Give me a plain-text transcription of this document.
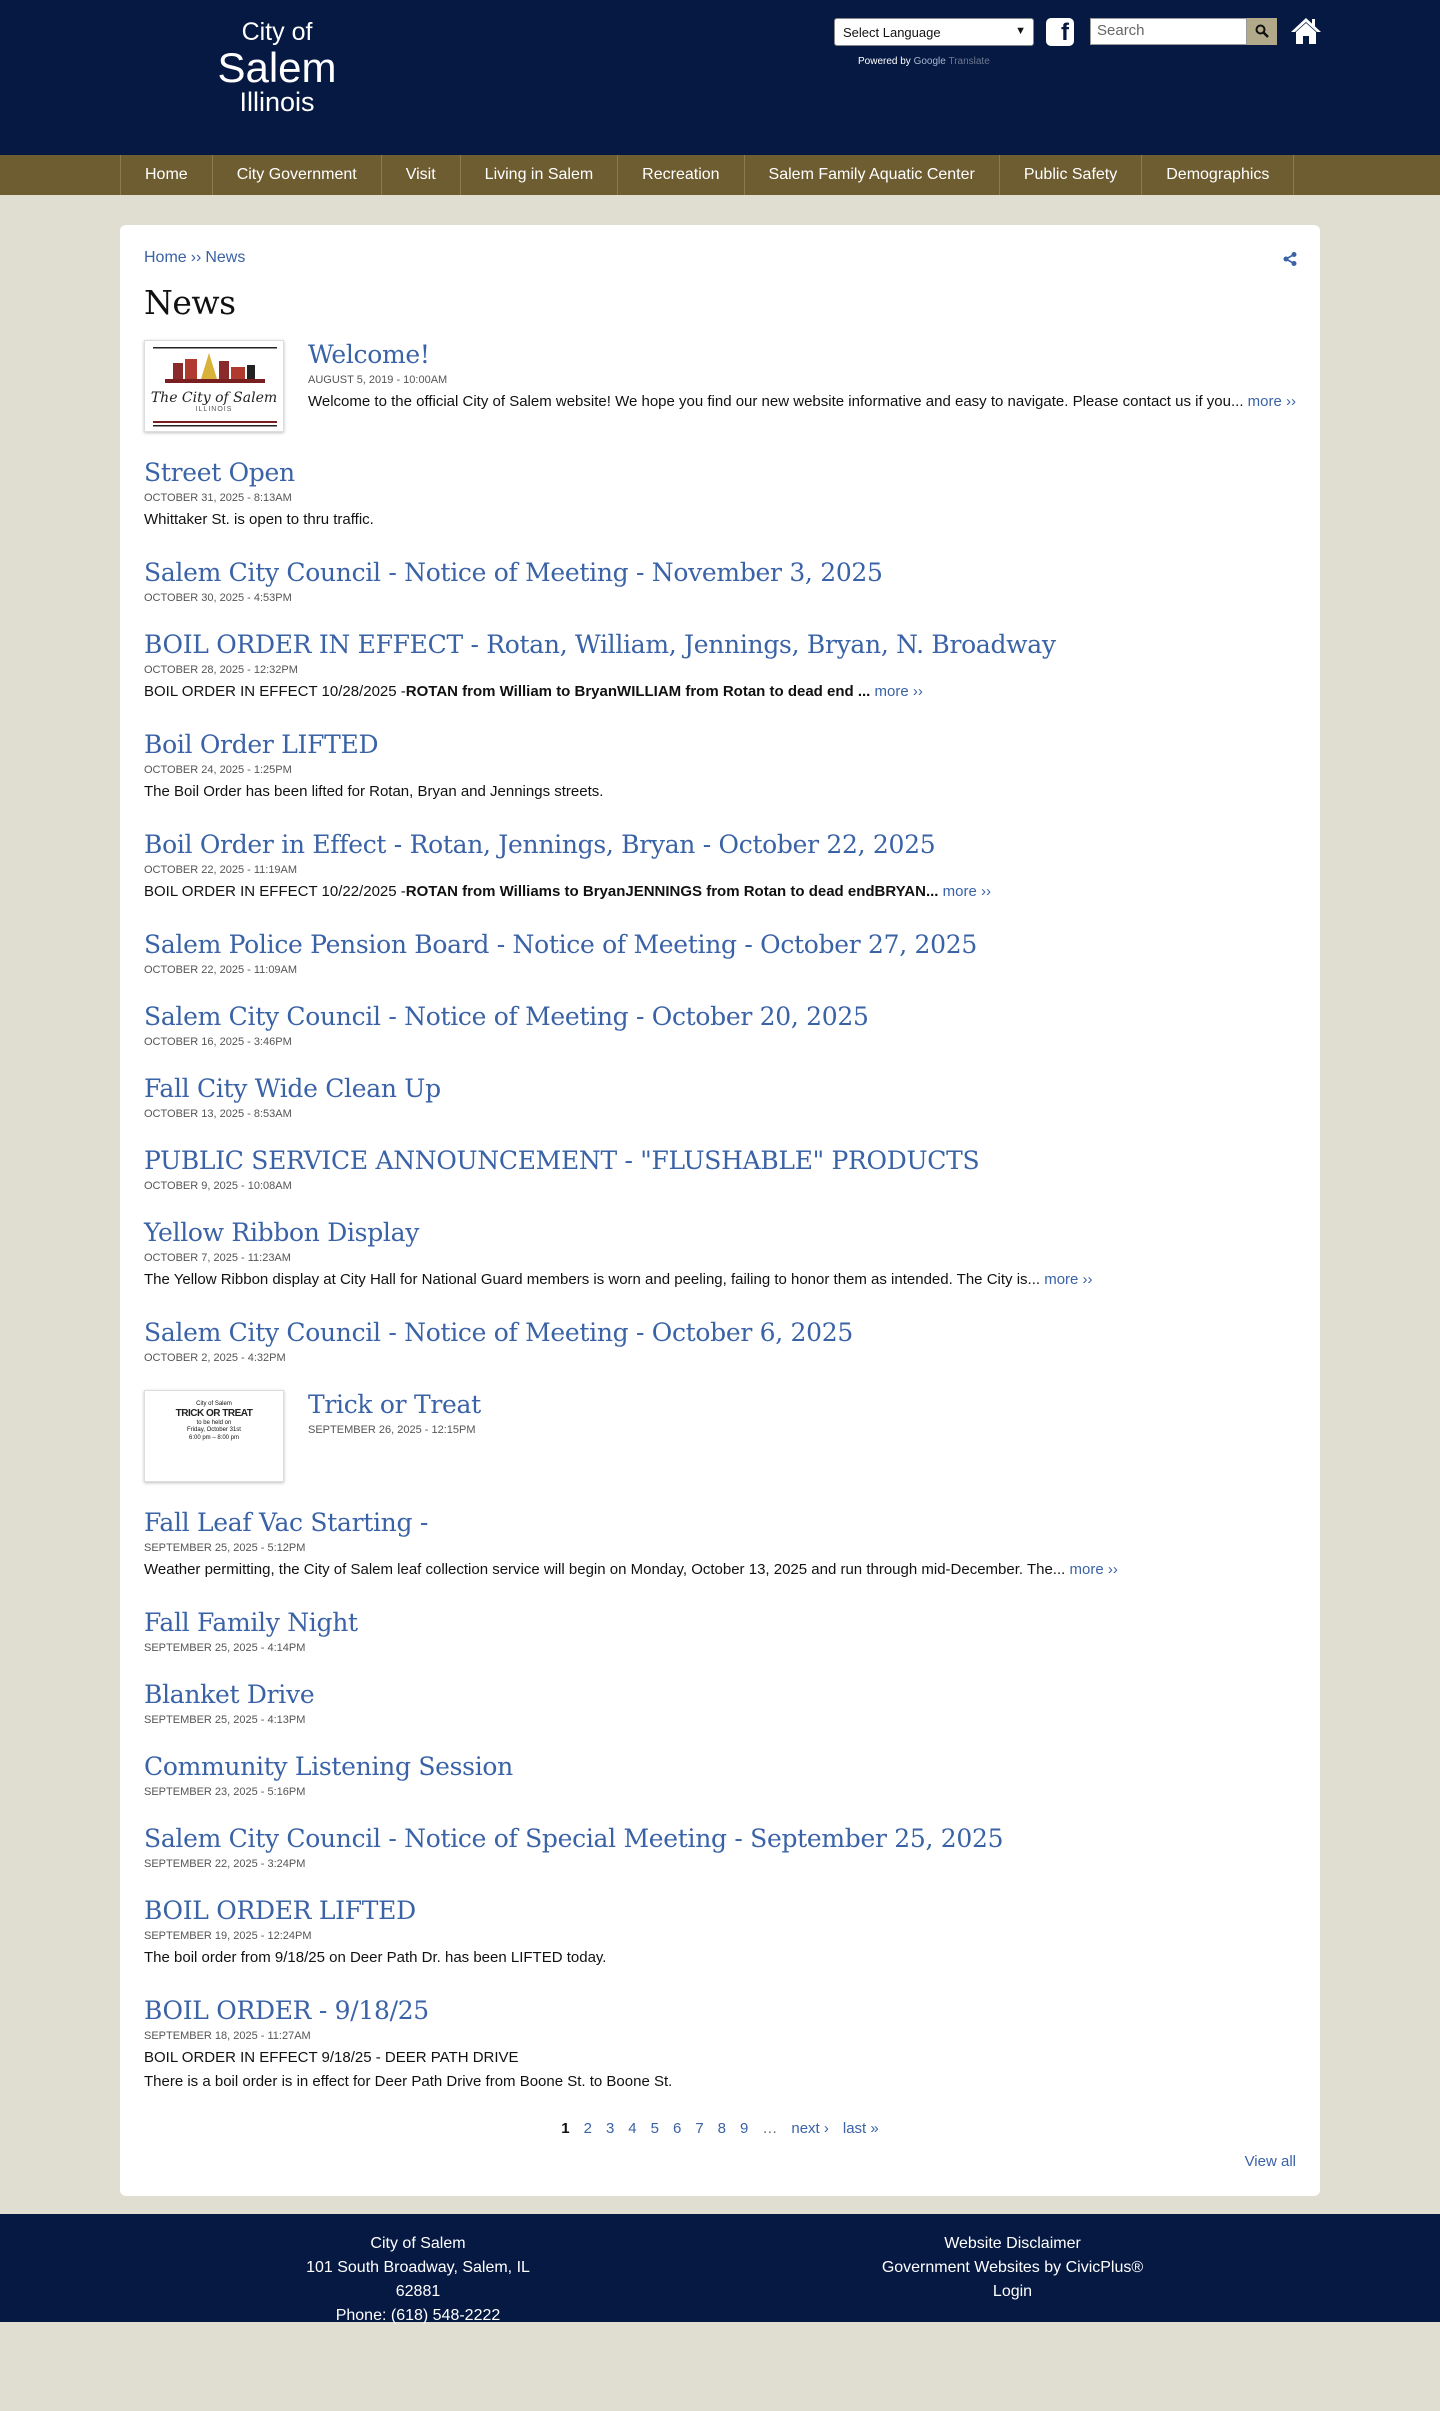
City of
Salem
Illinois
Select Language	▼
Powered by Google Translate
f	Search
Home	City Government	Visit	Living in Salem	Recreation	Salem Family Aquatic Center	Public Safety	Demographics
Home ›› News
News
The City of Salem
ILLINOIS
Welcome!
AUGUST 5, 2019 - 10:00AM
Welcome to the official City of Salem website! We hope you find our new website informative and easy to navigate. Please contact us if you... more ››
Street Open
OCTOBER 31, 2025 - 8:13AM
Whittaker St. is open to thru traffic.
Salem City Council - Notice of Meeting - November 3, 2025
OCTOBER 30, 2025 - 4:53PM
BOIL ORDER IN EFFECT - Rotan, William, Jennings, Bryan, N. Broadway
OCTOBER 28, 2025 - 12:32PM
BOIL ORDER IN EFFECT 10/28/2025 -ROTAN from William to BryanWILLIAM from Rotan to dead end ... more ››
Boil Order LIFTED
OCTOBER 24, 2025 - 1:25PM
The Boil Order has been lifted for Rotan, Bryan and Jennings streets.
Boil Order in Effect - Rotan, Jennings, Bryan - October 22, 2025
OCTOBER 22, 2025 - 11:19AM
BOIL ORDER IN EFFECT 10/22/2025 -ROTAN from Williams to BryanJENNINGS from Rotan to dead endBRYAN... more ››
Salem Police Pension Board - Notice of Meeting - October 27, 2025
OCTOBER 22, 2025 - 11:09AM
Salem City Council - Notice of Meeting - October 20, 2025
OCTOBER 16, 2025 - 3:46PM
Fall City Wide Clean Up
OCTOBER 13, 2025 - 8:53AM
PUBLIC SERVICE ANNOUNCEMENT - "FLUSHABLE" PRODUCTS
OCTOBER 9, 2025 - 10:08AM
Yellow Ribbon Display
OCTOBER 7, 2025 - 11:23AM
The Yellow Ribbon display at City Hall for National Guard members is worn and peeling, failing to honor them as intended. The City is... more ››
Salem City Council - Notice of Meeting - October 6, 2025
OCTOBER 2, 2025 - 4:32PM
City of Salem
TRICK OR TREAT
to be held on
Friday, October 31st
6:00 pm – 8:00 pm
Trick or Treat
SEPTEMBER 26, 2025 - 12:15PM
Fall Leaf Vac Starting -
SEPTEMBER 25, 2025 - 5:12PM
Weather permitting, the City of Salem leaf collection service will begin on Monday, October 13, 2025 and run through mid-December. The... more ››
Fall Family Night
SEPTEMBER 25, 2025 - 4:14PM
Blanket Drive
SEPTEMBER 25, 2025 - 4:13PM
Community Listening Session
SEPTEMBER 23, 2025 - 5:16PM
Salem City Council - Notice of Special Meeting - September 25, 2025
SEPTEMBER 22, 2025 - 3:24PM
BOIL ORDER LIFTED
SEPTEMBER 19, 2025 - 12:24PM
The boil order from 9/18/25 on Deer Path Dr. has been LIFTED today.
BOIL ORDER - 9/18/25
SEPTEMBER 18, 2025 - 11:27AM
BOIL ORDER IN EFFECT 9/18/25 - DEER PATH DRIVE
There is a boil order is in effect for Deer Path Drive from Boone St. to Boone St.
1 2 3 4 5 6 7 8 9 … next › last »
View all
City of Salem
101 South Broadway, Salem, IL 62881
Phone: (618) 548-2222
Website Disclaimer
Government Websites by CivicPlus®
Login
